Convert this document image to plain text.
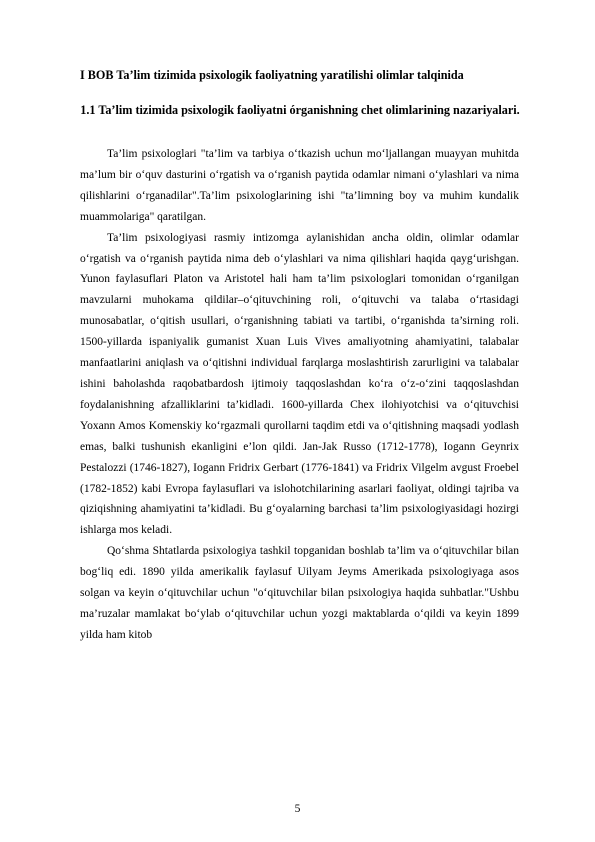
I BOB Ta’lim tizimida psixologik faoliyatning yaratilishi olimlar talqinida
1.1 Ta’lim tizimida psixologik faoliyatni órganishning chet olimlarining nazariyalari.

Ta’lim psixologlari "ta’lim va tarbiya o‘tkazish uchun mo‘ljallangan muayyan muhitda ma’lum bir o‘quv dasturini o‘rgatish va o‘rganish paytida odamlar nimani o‘ylashlari va nima qilishlarini o‘rganadilar".Ta’lim psixologlarining ishi "ta’limning boy va muhim kundalik muammolariga" qaratilgan.

Ta’lim psixologiyasi rasmiy intizomga aylanishidan ancha oldin, olimlar odamlar o‘rgatish va o‘rganish paytida nima deb o‘ylashlari va nima qilishlari haqida qayg‘urishgan. Yunon faylasuflari Platon va Aristotel hali ham ta’lim psixologlari tomonidan o‘rganilgan mavzularni muhokama qildilar–o‘qituvchining roli, o‘qituvchi va talaba o‘rtasidagi munosabatlar, o‘qitish usullari, o‘rganishning tabiati va tartibi, o‘rganishda ta’sirning roli. 1500-yillarda ispaniyalik gumanist Xuan Luis Vives amaliyotning ahamiyatini, talabalar manfaatlarini aniqlash va o‘qitishni individual farqlarga moslashtirish zarurligini va talabalar ishini baholashda raqobatbardosh ijtimoiy taqqoslashdan ko‘ra o‘z-o‘zini taqqoslashdan foydalanishning afzalliklarini ta’kidladi. 1600-yillarda Chex ilohiyotchisi va o‘qituvchisi Yoxann Amos Komenskiy ko‘rgazmali qurollarni taqdim etdi va o‘qitishning maqsadi yodlash emas, balki tushunish ekanligini e’lon qildi. Jan-Jak Russo (1712-1778), Iogann Geynrix Pestalozzi (1746-1827), Iogann Fridrix Gerbart (1776-1841) va Fridrix Vilgelm avgust Froebel (1782-1852) kabi Evropa faylasuflari va islohotchilarining asarlari faoliyat, oldingi tajriba va qiziqishning ahamiyatini ta’kidladi. Bu g‘oyalarning barchasi ta’lim psixologiyasidagi hozirgi ishlarga mos keladi.

Qo‘shma Shtatlarda psixologiya tashkil topganidan boshlab ta’lim va o‘qituvchilar bilan bog‘liq edi. 1890 yilda amerikalik faylasuf Uilyam Jeyms Amerikada psixologiyaga asos solgan va keyin o‘qituvchilar uchun "o‘qituvchilar bilan psixologiya haqida suhbatlar."Ushbu ma’ruzalar mamlakat bo‘ylab o‘qituvchilar uchun yozgi maktablarda o‘qildi va keyin 1899 yilda ham kitob

5
